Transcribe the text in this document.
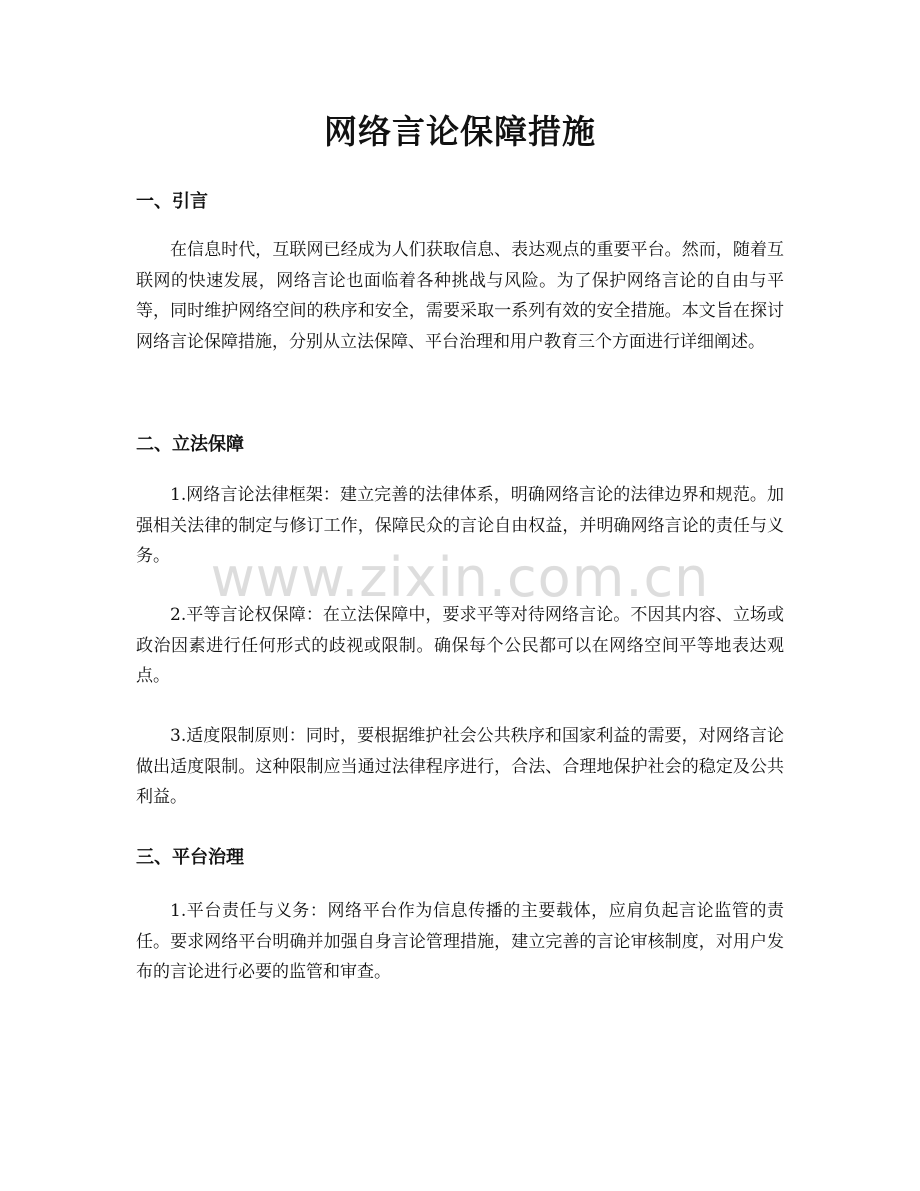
网络言论保障措施
一、引言

在信息时代，互联网已经成为人们获取信息、表达观点的重要平台。然而，随着互联网的快速发展，网络言论也面临着各种挑战与风险。为了保护网络言论的自由与平等，同时维护网络空间的秩序和安全，需要采取一系列有效的安全措施。本文旨在探讨网络言论保障措施，分别从立法保障、平台治理和用户教育三个方面进行详细阐述。

二、立法保障

1.网络言论法律框架：建立完善的法律体系，明确网络言论的法律边界和规范。加强相关法律的制定与修订工作，保障民众的言论自由权益，并明确网络言论的责任与义务。

2.平等言论权保障：在立法保障中，要求平等对待网络言论。不因其内容、立场或政治因素进行任何形式的歧视或限制。确保每个公民都可以在网络空间平等地表达观点。

3.适度限制原则：同时，要根据维护社会公共秩序和国家利益的需要，对网络言论做出适度限制。这种限制应当通过法律程序进行，合法、合理地保护社会的稳定及公共利益。

三、平台治理

1.平台责任与义务：网络平台作为信息传播的主要载体，应肩负起言论监管的责任。要求网络平台明确并加强自身言论管理措施，建立完善的言论审核制度，对用户发布的言论进行必要的监管和审查。

www.zixin.com.cn
